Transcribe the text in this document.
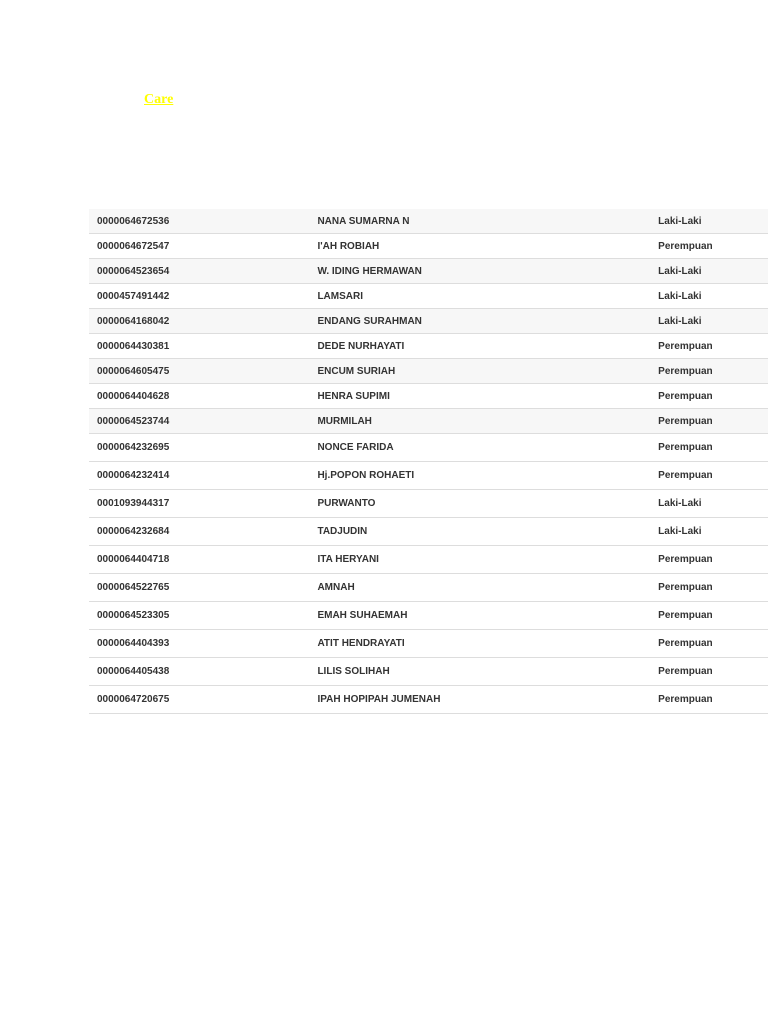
Care
0000064672536	NANA SUMARNA N	Laki-Laki
0000064672547	I'AH ROBIAH	Perempuan
0000064523654	W. IDING HERMAWAN	Laki-Laki
0000457491442	LAMSARI	Laki-Laki
0000064168042	ENDANG SURAHMAN	Laki-Laki
0000064430381	DEDE NURHAYATI	Perempuan
0000064605475	ENCUM SURIAH	Perempuan
0000064404628	HENRA SUPIMI	Perempuan
0000064523744	MURMILAH	Perempuan
0000064232695	NONCE FARIDA	Perempuan
0000064232414	Hj.POPON ROHAETI	Perempuan
0001093944317	PURWANTO	Laki-Laki
0000064232684	TADJUDIN	Laki-Laki
0000064404718	ITA HERYANI	Perempuan
0000064522765	AMNAH	Perempuan
0000064523305	EMAH SUHAEMAH	Perempuan
0000064404393	ATIT HENDRAYATI	Perempuan
0000064405438	LILIS SOLIHAH	Perempuan
0000064720675	IPAH HOPIPAH JUMENAH	Perempuan
